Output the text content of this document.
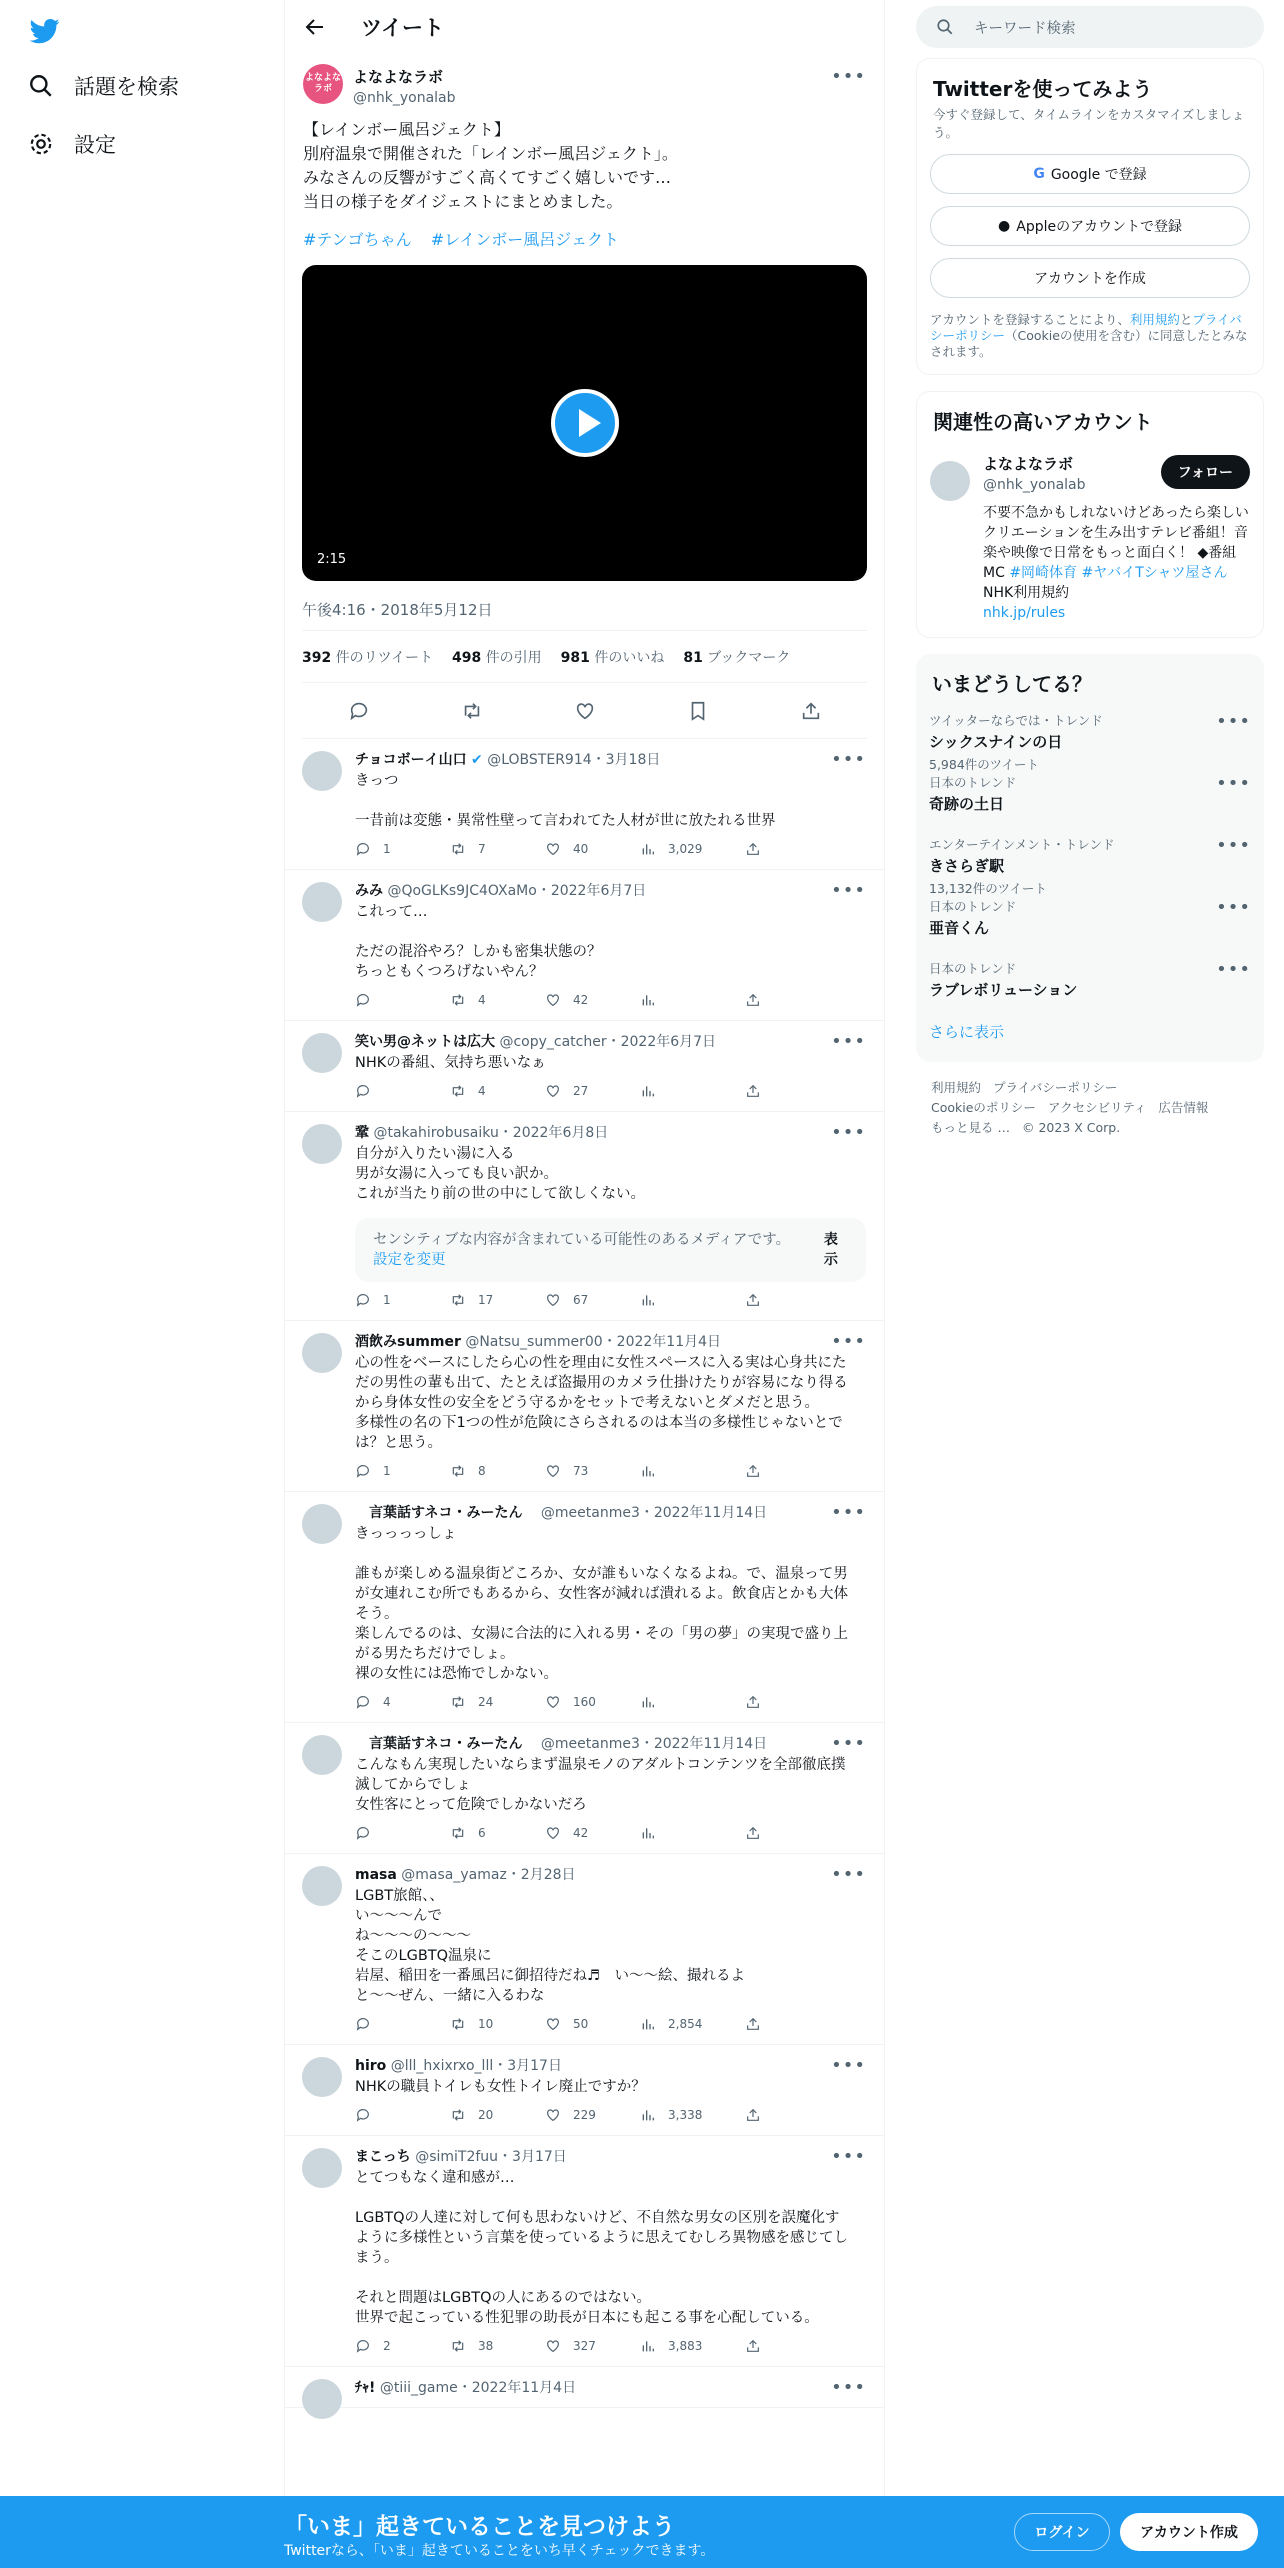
話題を検索
設定
ツイート
よなよな
ラボ
よなよなラボ
@nhk_yonalab
•••
【レインボー風呂ジェクト】
別府温泉で開催された「レインボー風呂ジェクト」。
みなさんの反響がすごく高くてすごく嬉しいです…
当日の様子をダイジェストにまとめました。
#テンゴちゃん #レインボー風呂ジェクト
2:15
午後4:16・2018年5月12日
392 件のリツイート 498 件の引用 981 件のいいね 81 ブックマーク
チョコボーイ山口 ✔ @LOBSTER914・3月18日	•••
きっつ
一昔前は変態・異常性壁って言われてた人材が世に放たれる世界
1	7	40	3,029
みみ @QoGLKs9JC4OXaMo・2022年6月7日	•••
これって…
ただの混浴やろ？しかも密集状態の？
ちっともくつろげないやん？
4	42
笑い男@ネットは広大 @copy_catcher・2022年6月7日	•••
NHKの番組、気持ち悪いなぁ
4	27
鞏 @takahirobusaiku・2022年6月8日	•••
自分が入りたい湯に入る
男が女湯に入っても良い訳か。
これが当たり前の世の中にして欲しくない。
センシティブな内容が含まれている可能性のあるメディアです。設定を変更
表示
1	17	67
酒飲みsummer @Natsu_summer00・2022年11月4日	•••
心の性をベースにしたら心の性を理由に女性スペースに入る実は心身共にた
だの男性の輩も出て、たとえば盗撮用のカメラ仕掛けたりが容易になり得る
から身体女性の安全をどう守るかをセットで考えないとダメだと思う。
多様性の名の下1つの性が危険にさらされるのは本当の多様性じゃないとで
は？と思う。
1	8	73
　言葉話すネコ・みーたん 　@meetanme3・2022年11月14日	•••
きっっっっしょ
誰もが楽しめる温泉街どころか、女が誰もいなくなるよね。で、温泉って男
が女連れこむ所でもあるから、女性客が減れば潰れるよ。飲食店とかも大体
そう。
楽しんでるのは、女湯に合法的に入れる男・その「男の夢」の実現で盛り上
がる男たちだけでしょ。
裸の女性には恐怖でしかない。
4	24	160
　言葉話すネコ・みーたん 　@meetanme3・2022年11月14日	•••
こんなもん実現したいならまず温泉モノのアダルトコンテンツを全部徹底撲
滅してからでしょ
女性客にとって危険でしかないだろ
6	42
masa @masa_yamaz・2月28日	•••
LGBT旅館、、
い〜〜〜んで
ね〜〜〜の〜〜〜
そこのLGBTQ温泉に
岩屋、稲田を一番風呂に御招待だね♬　い〜〜絵、撮れるよ
と〜〜ぜん、一緒に入るわな
10	50	2,854
hiro @lll_hxixrxo_lll・3月17日	•••
NHKの職員トイレも女性トイレ廃止ですか？
20	229	3,338
まこっち @simiT2fuu・3月17日	•••
とてつもなく違和感が…
LGBTQの人達に対して何も思わないけど、不自然な男女の区別を誤魔化す
ように多様性という言葉を使っているように思えてむしろ異物感を感じてし
まう。
それと問題はLGBTQの人にあるのではない。
世界で起こっている性犯罪の助長が日本にも起こる事を心配している。
2	38	327	3,883
ﾁｬ! @tiii_game・2022年11月4日	•••
キーワード検索
Twitterを使ってみよう
今すぐ登録して、タイムラインをカスタマイズしましょう。
G Google で登録
● Appleのアカウントで登録
アカウントを作成
アカウントを登録することにより、利用規約とプライバシーポリシー（Cookieの使用を含む）に同意したとみなされます。
関連性の高いアカウント
よなよなラボ
@nhk_yonalab
不要不急かもしれないけどあったら楽しいクリエーションを生み出すテレビ番組！音楽や映像で日常をもっと面白く！ ◆番組MC #岡崎体育 #ヤバイTシャツ屋さん NHK利用規約
nhk.jp/rules
フォロー
いまどうしてる？
ツイッターならでは・トレンド
シックスナインの日
5,984件のツイート
•••
日本のトレンド
奇跡の土日
•••
エンターテインメント・トレンド
きさらぎ駅
13,132件のツイート
•••
日本のトレンド
亜音くん
•••
日本のトレンド
ラブレボリューション
•••
さらに表示
利用規約 プライバシーポリシー
Cookieのポリシー アクセシビリティ 広告情報
もっと見る … © 2023 X Corp.
「いま」起きていることを見つけよう
Twitterなら、「いま」起きていることをいち早くチェックできます。
ログイン	アカウント作成
